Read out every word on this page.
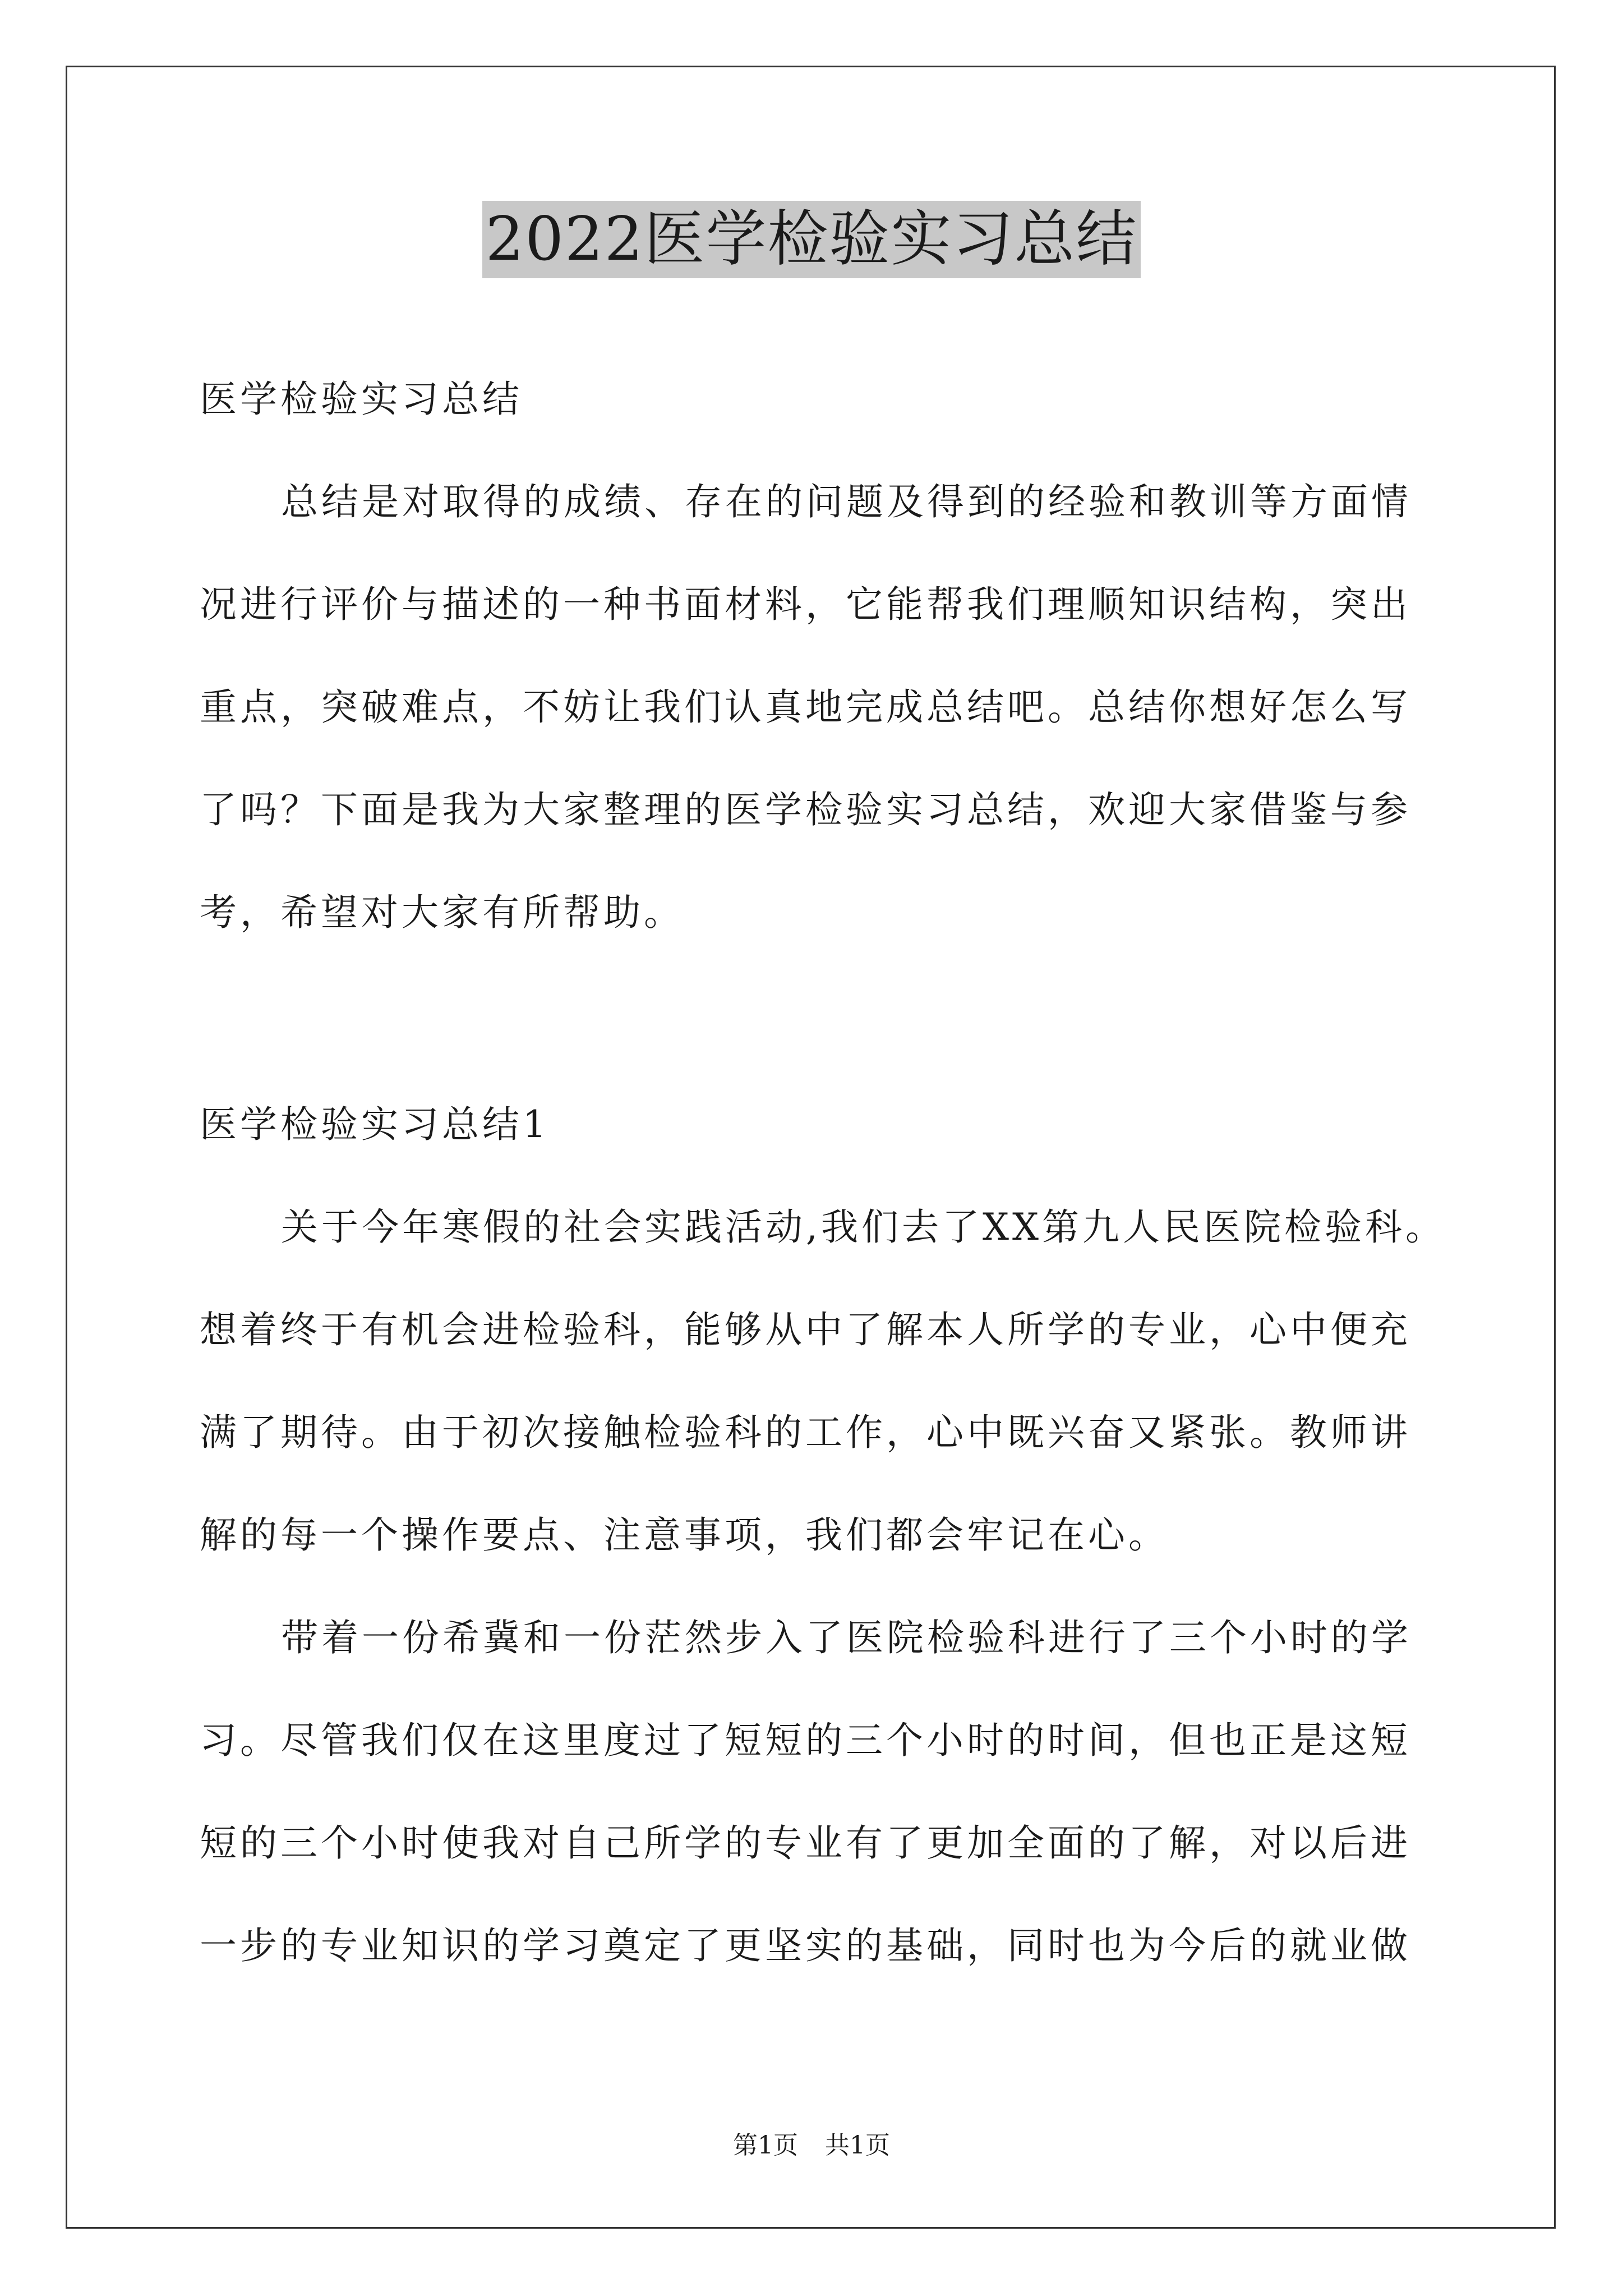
2022医学检验实习总结
医学检验实习总结
总结是对取得的成绩、存在的问题及得到的经验和教训等方面情
况进行评价与描述的一种书面材料，它能帮我们理顺知识结构，突出
重点，突破难点，不妨让我们认真地完成总结吧。总结你想好怎么写
了吗？下面是我为大家整理的医学检验实习总结，欢迎大家借鉴与参
考，希望对大家有所帮助。
医学检验实习总结1
关于今年寒假的社会实践活动,我们去了XX第九人民医院检验科。
想着终于有机会进检验科，能够从中了解本人所学的专业，心中便充
满了期待。由于初次接触检验科的工作，心中既兴奋又紧张。教师讲
解的每一个操作要点、注意事项，我们都会牢记在心。
带着一份希冀和一份茫然步入了医院检验科进行了三个小时的学
习。尽管我们仅在这里度过了短短的三个小时的时间，但也正是这短
短的三个小时使我对自己所学的专业有了更加全面的了解，对以后进
一步的专业知识的学习奠定了更坚实的基础，同时也为今后的就业做
第1页 共1页
